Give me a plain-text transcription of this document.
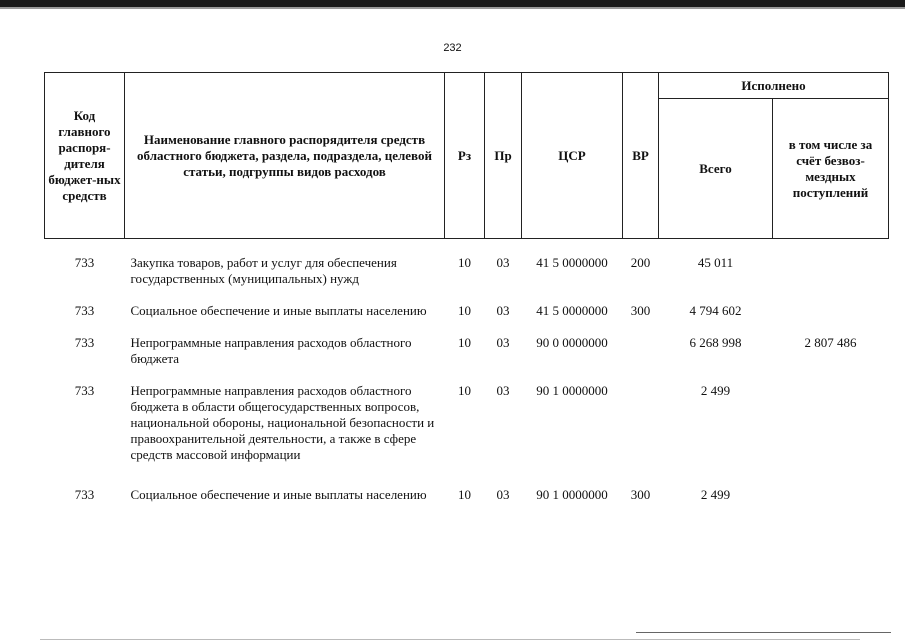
232
Код главного распоря-дителя бюджет-ных средств	Наименование главного распорядителя средств областного бюджета, раздела, подраздела, целевой статьи, подгруппы видов расходов	Рз	Пр	ЦСР	ВР	Исполнено	
						Всего	в том числе за счёт безвоз-мездных поступлений

733	Закупка товаров, работ и услуг для обеспечения государственных (муниципальных) нужд	10	03	41 5 0000000	200	45 011	
733	Социальное обеспечение и иные выплаты населению	10	03	41 5 0000000	300	4 794 602	
733	Непрограммные направления расходов областного бюджета	10	03	90 0 0000000		6 268 998	2 807 486
733	Непрограммные направления расходов областного бюджета в области общегосударственных вопросов, национальной обороны, национальной безопасности и правоохранительной деятельности, а также в сфере средств массовой информации	10	03	90 1 0000000		2 499	
733	Социальное обеспечение и иные выплаты населению	10	03	90 1 0000000	300	2 499	
